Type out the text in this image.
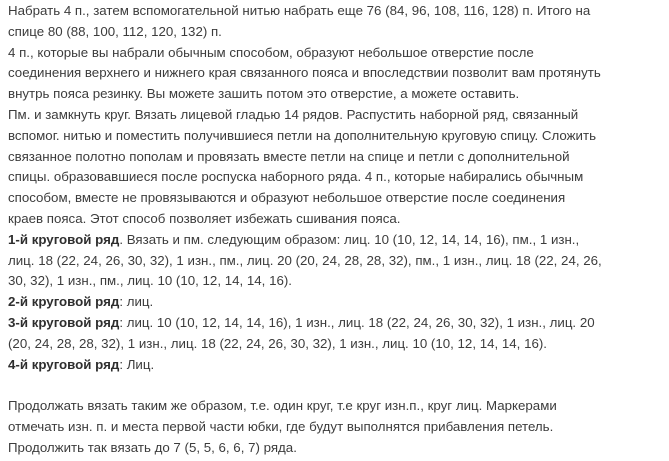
Набрать 4 п., затем вспомогательной нитью набрать еще 76 (84, 96, 108, 116, 128) п. Итого на
спице 80 (88, 100, 112, 120, 132) п.
4 п., которые вы набрали обычным способом, образуют небольшое отверстие после
соединения верхнего и нижнего края связанного пояса и впоследствии позволит вам протянуть
внутрь пояса резинку. Вы можете зашить потом это отверстие, а можете оставить.
Пм. и замкнуть круг. Вязать лицевой гладью 14 рядов. Распустить наборной ряд, связанный
вспомог. нитью и поместить получившиеся петли на дополнительную круговую спицу. Сложить
связанное полотно пополам и провязать вместе петли на спице и петли с дополнительной
спицы. образовавшиеся после роспуска наборного ряда. 4 п., которые набирались обычным
способом, вместе не провязываются и образуют небольшое отверстие после соединения
краев пояса. Этот способ позволяет избежать сшивания пояса.
1-й круговой ряд. Вязать и пм. следующим образом: лиц. 10 (10, 12, 14, 14, 16), пм., 1 изн.,
лиц. 18 (22, 24, 26, 30, 32), 1 изн., пм., лиц. 20 (20, 24, 28, 28, 32), пм., 1 изн., лиц. 18 (22, 24, 26,
30, 32), 1 изн., пм., лиц. 10 (10, 12, 14, 14, 16).
2-й круговой ряд: лиц.
3-й круговой ряд: лиц. 10 (10, 12, 14, 14, 16), 1 изн., лиц. 18 (22, 24, 26, 30, 32), 1 изн., лиц. 20
(20, 24, 28, 28, 32), 1 изн., лиц. 18 (22, 24, 26, 30, 32), 1 изн., лиц. 10 (10, 12, 14, 14, 16).
4-й круговой ряд: Лиц.
Продолжать вязать таким же образом, т.е. один круг, т.е круг изн.п., круг лиц. Маркерами
отмечать изн. п. и места первой части юбки, где будут выполнятся прибавления петель.
Продолжить так вязать до 7 (5, 5, 6, 6, 7) ряда.
